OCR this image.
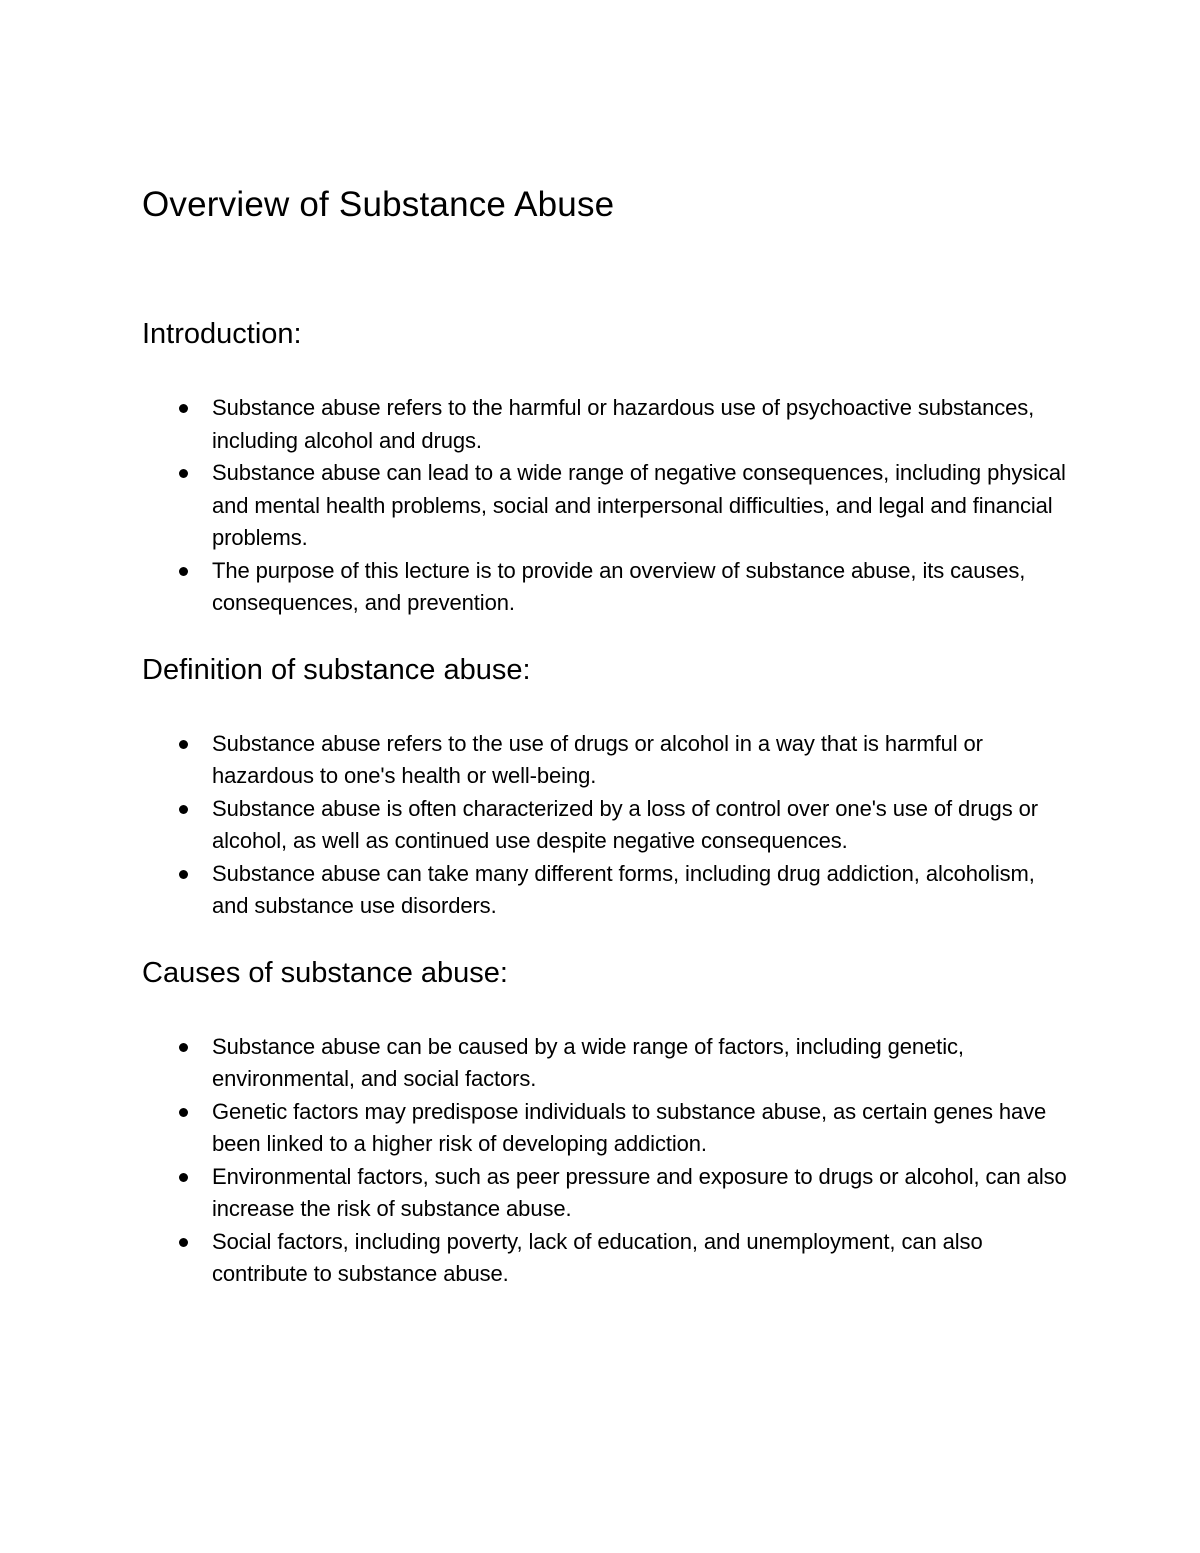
Overview of Substance Abuse
Introduction:
Substance abuse refers to the harmful or hazardous use of psychoactive substances, including alcohol and drugs.
Substance abuse can lead to a wide range of negative consequences, including physical and mental health problems, social and interpersonal difficulties, and legal and financial problems.
The purpose of this lecture is to provide an overview of substance abuse, its causes, consequences, and prevention.
Definition of substance abuse:
Substance abuse refers to the use of drugs or alcohol in a way that is harmful or hazardous to one's health or well-being.
Substance abuse is often characterized by a loss of control over one's use of drugs or alcohol, as well as continued use despite negative consequences.
Substance abuse can take many different forms, including drug addiction, alcoholism, and substance use disorders.
Causes of substance abuse:
Substance abuse can be caused by a wide range of factors, including genetic, environmental, and social factors.
Genetic factors may predispose individuals to substance abuse, as certain genes have been linked to a higher risk of developing addiction.
Environmental factors, such as peer pressure and exposure to drugs or alcohol, can also increase the risk of substance abuse.
Social factors, including poverty, lack of education, and unemployment, can also contribute to substance abuse.
